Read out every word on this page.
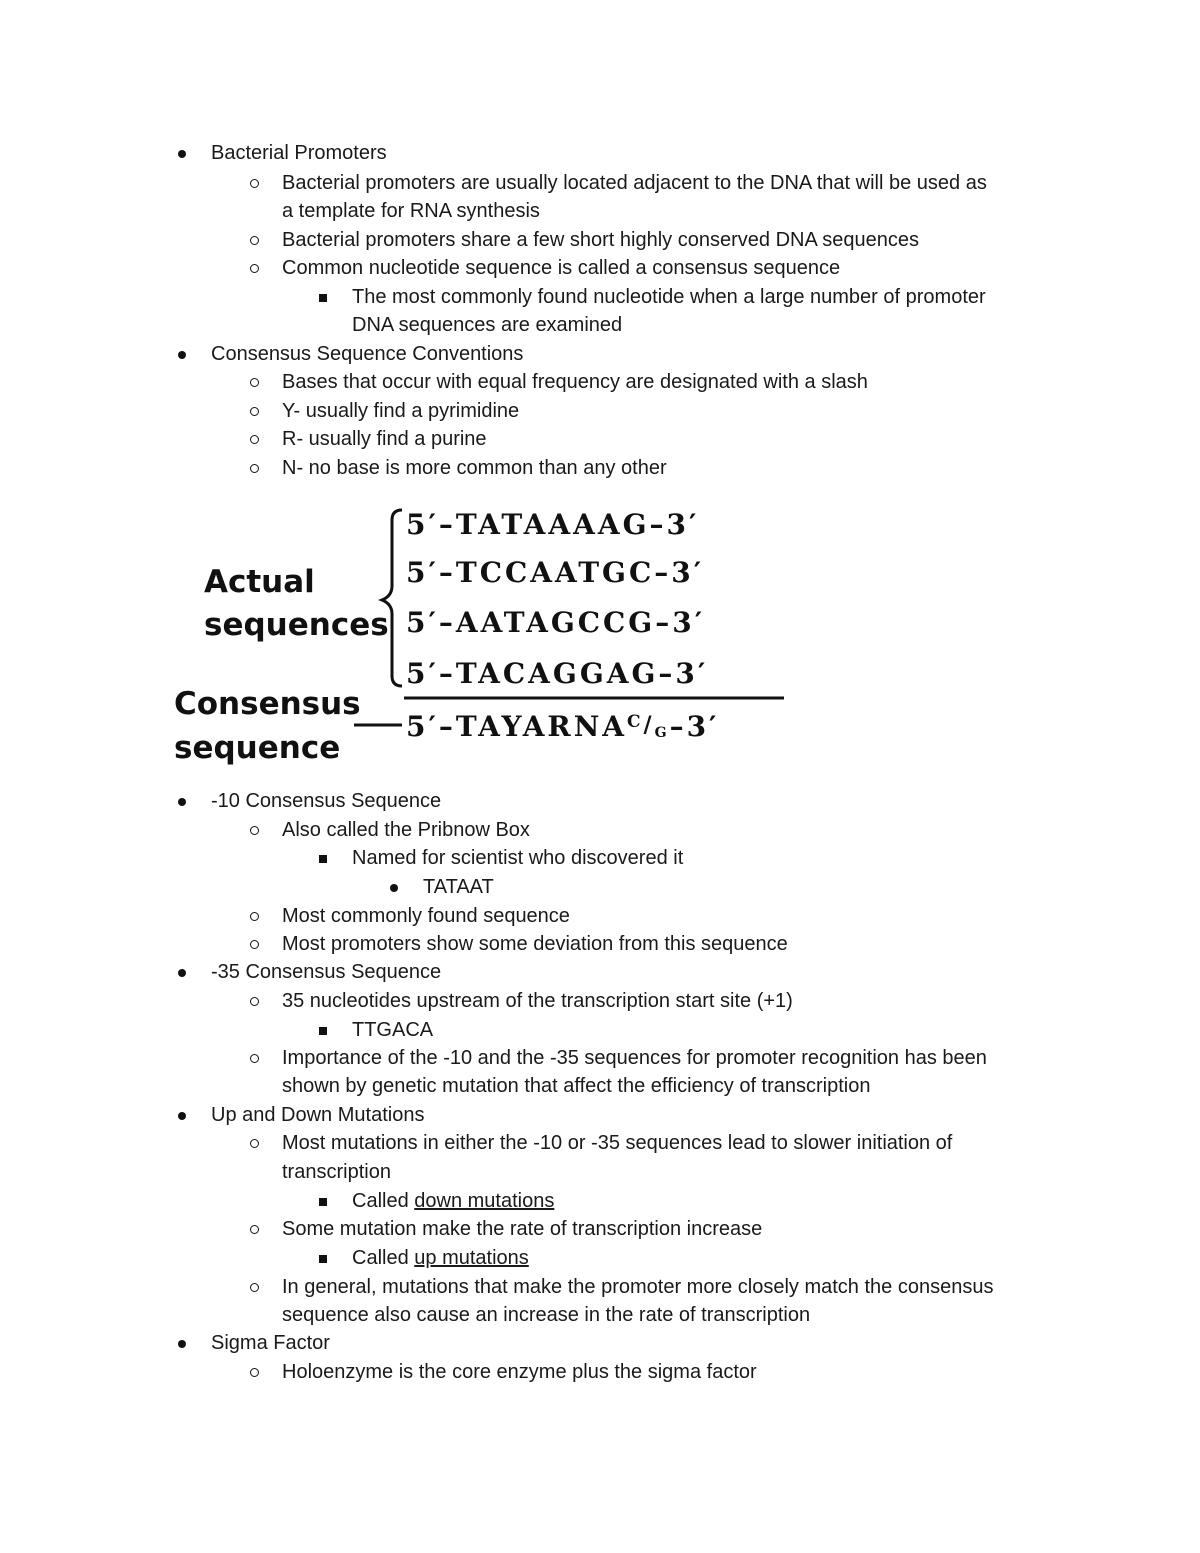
Bacterial Promoters
Bacterial promoters are usually located adjacent to the DNA that will be used as
a template for RNA synthesis
Bacterial promoters share a few short highly conserved DNA sequences
Common nucleotide sequence is called a consensus sequence
The most commonly found nucleotide when a large number of promoter
DNA sequences are examined
Consensus Sequence Conventions
Bases that occur with equal frequency are designated with a slash
Y- usually find a pyrimidine
R- usually find a purine
N- no base is more common than any other
Actual
sequences
Consensus
sequence
5′–TATAAAAG–3′
5′–TCCAATGC–3′
5′–AATAGCCG–3′
5′–TACAGGAG–3′
$5'-TAYARNA^C/G-3'$
-10 Consensus Sequence
Also called the Pribnow Box
Named for scientist who discovered it
TATAAT
Most commonly found sequence
Most promoters show some deviation from this sequence
-35 Consensus Sequence
35 nucleotides upstream of the transcription start site (+1)
TTGACA
Importance of the -10 and the -35 sequences for promoter recognition has been
shown by genetic mutation that affect the efficiency of transcription
Up and Down Mutations
Most mutations in either the -10 or -35 sequences lead to slower initiation of
transcription
Called down mutations
Some mutation make the rate of transcription increase
Called up mutations
In general, mutations that make the promoter more closely match the consensus
sequence also cause an increase in the rate of transcription
Sigma Factor
Holoenzyme is the core enzyme plus the sigma factor
